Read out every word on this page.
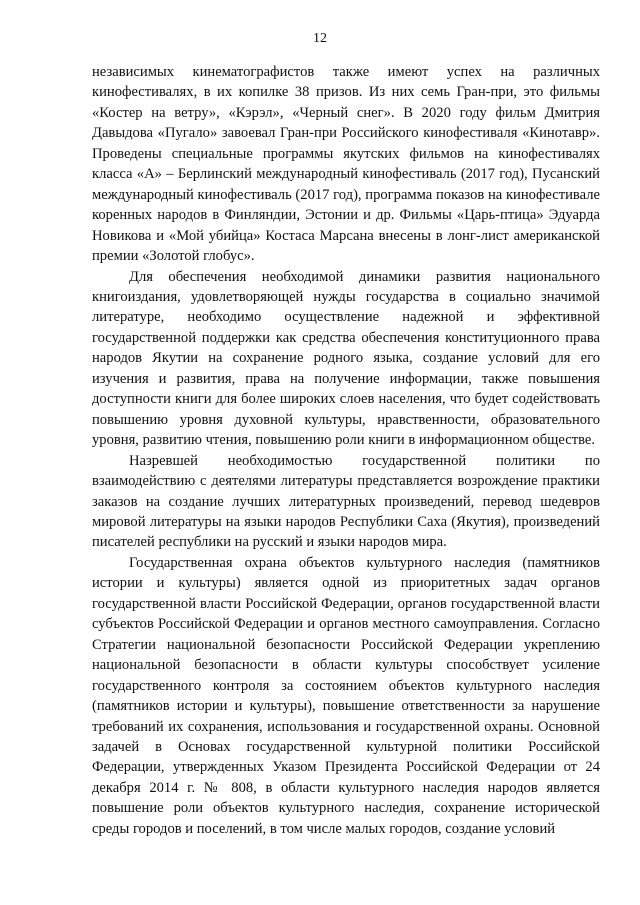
12

независимых кинематографистов также имеют успех на различных кинофестивалях, в их копилке 38 призов. Из них семь Гран-при, это фильмы «Костер на ветру», «Кэрэл», «Черный снег». В 2020 году фильм Дмитрия Давыдова «Пугало» завоевал Гран-при Российского кинофестиваля «Кинотавр». Проведены специальные программы якутских фильмов на кинофестивалях класса «А» – Берлинский международный кинофестиваль (2017 год), Пусанский международный кинофестиваль (2017 год), программа показов на кинофестивале коренных народов в Финляндии, Эстонии и др. Фильмы «Царь-птица» Эдуарда Новикова и «Мой убийца» Костаса Марсана внесены в лонг-лист американской премии «Золотой глобус».

Для обеспечения необходимой динамики развития национального книгоиздания, удовлетворяющей нужды государства в социально значимой литературе, необходимо осуществление надежной и эффективной государственной поддержки как средства обеспечения конституционного права народов Якутии на сохранение родного языка, создание условий для его изучения и развития, права на получение информации, также повышения доступности книги для более широких слоев населения, что будет содействовать повышению уровня духовной культуры, нравственности, образовательного уровня, развитию чтения, повышению роли книги в информационном обществе.

Назревшей необходимостью государственной политики по взаимодействию с деятелями литературы представляется возрождение практики заказов на создание лучших литературных произведений, перевод шедевров мировой литературы на языки народов Республики Саха (Якутия), произведений писателей республики на русский и языки народов мира.

Государственная охрана объектов культурного наследия (памятников истории и культуры) является одной из приоритетных задач органов государственной власти Российской Федерации, органов государственной власти субъектов Российской Федерации и органов местного самоуправления. Согласно Стратегии национальной безопасности Российской Федерации укреплению национальной безопасности в области культуры способствует усиление государственного контроля за состоянием объектов культурного наследия (памятников истории и культуры), повышение ответственности за нарушение требований их сохранения, использования и государственной охраны. Основной задачей в Основах государственной культурной политики Российской Федерации, утвержденных Указом Президента Российской Федерации от 24 декабря 2014 г. № 808, в области культурного наследия народов является повышение роли объектов культурного наследия, сохранение исторической среды городов и поселений, в том числе малых городов, создание условий
